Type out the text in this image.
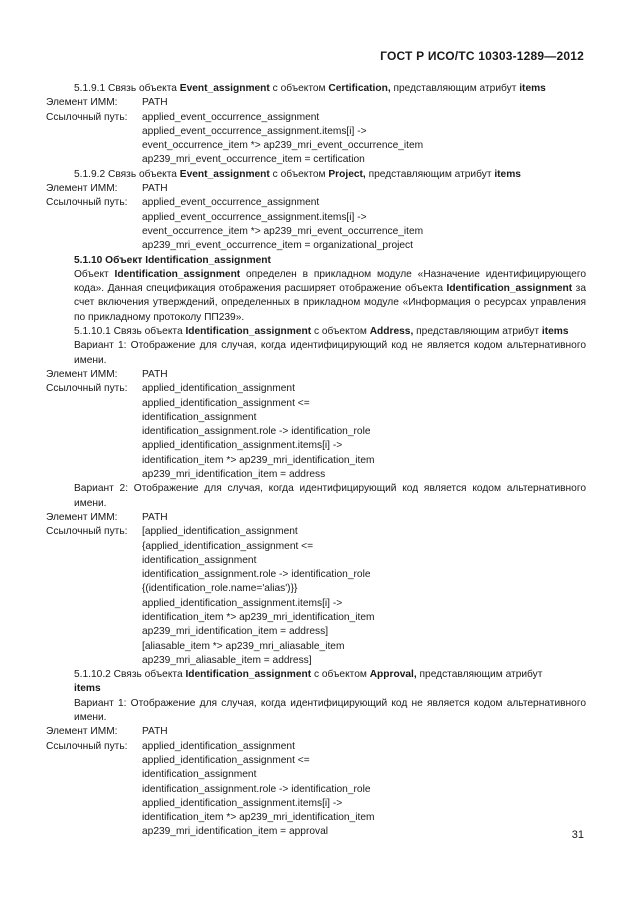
ГОСТ Р ИСО/ТС 10303-1289—2012
5.1.9.1 Связь объекта Event_assignment с объектом Certification, представляющим атрибут items
Элемент ИММ: PATH
Ссылочный путь: applied_event_occurrence_assignment
applied_event_occurrence_assignment.items[i] ->
event_occurrence_item *> ap239_mri_event_occurrence_item
ap239_mri_event_occurrence_item = certification
5.1.9.2 Связь объекта Event_assignment с объектом Project, представляющим атрибут items
Элемент ИММ: PATH
Ссылочный путь: applied_event_occurrence_assignment
applied_event_occurrence_assignment.items[i] ->
event_occurrence_item *> ap239_mri_event_occurrence_item
ap239_mri_event_occurrence_item = organizational_project
5.1.10 Объект Identification_assignment
Объект Identification_assignment определен в прикладном модуле «Назначение идентифицирующего кода». Данная спецификация отображения расширяет отображение объекта Identification_assignment за счет включения утверждений, определенных в прикладном модуле «Информация о ресурсах управления по прикладному протоколу ПП239».
5.1.10.1 Связь объекта Identification_assignment с объектом Address, представляющим атрибут items
Вариант 1: Отображение для случая, когда идентифицирующий код не является кодом альтернативного имени.
Элемент ИММ: PATH
Ссылочный путь: applied_identification_assignment
applied_identification_assignment <=
identification_assignment
identification_assignment.role -> identification_role
applied_identification_assignment.items[i] ->
identification_item *> ap239_mri_identification_item
ap239_mri_identification_item = address
Вариант 2: Отображение для случая, когда идентифицирующий код является кодом альтернативного имени.
Элемент ИММ: PATH
Ссылочный путь: [applied_identification_assignment
{applied_identification_assignment <=
identification_assignment
identification_assignment.role -> identification_role
{(identification_role.name='alias')}}
applied_identification_assignment.items[i] ->
identification_item *> ap239_mri_identification_item
ap239_mri_identification_item = address]
[aliasable_item *> ap239_mri_aliasable_item
ap239_mri_aliasable_item = address]
5.1.10.2 Связь объекта Identification_assignment с объектом Approval, представляющим атрибут
items
Вариант 1: Отображение для случая, когда идентифицирующий код не является кодом альтернативного имени.
Элемент ИММ: PATH
Ссылочный путь: applied_identification_assignment
applied_identification_assignment <=
identification_assignment
identification_assignment.role -> identification_role
applied_identification_assignment.items[i] ->
identification_item *> ap239_mri_identification_item
ap239_mri_identification_item = approval	31
